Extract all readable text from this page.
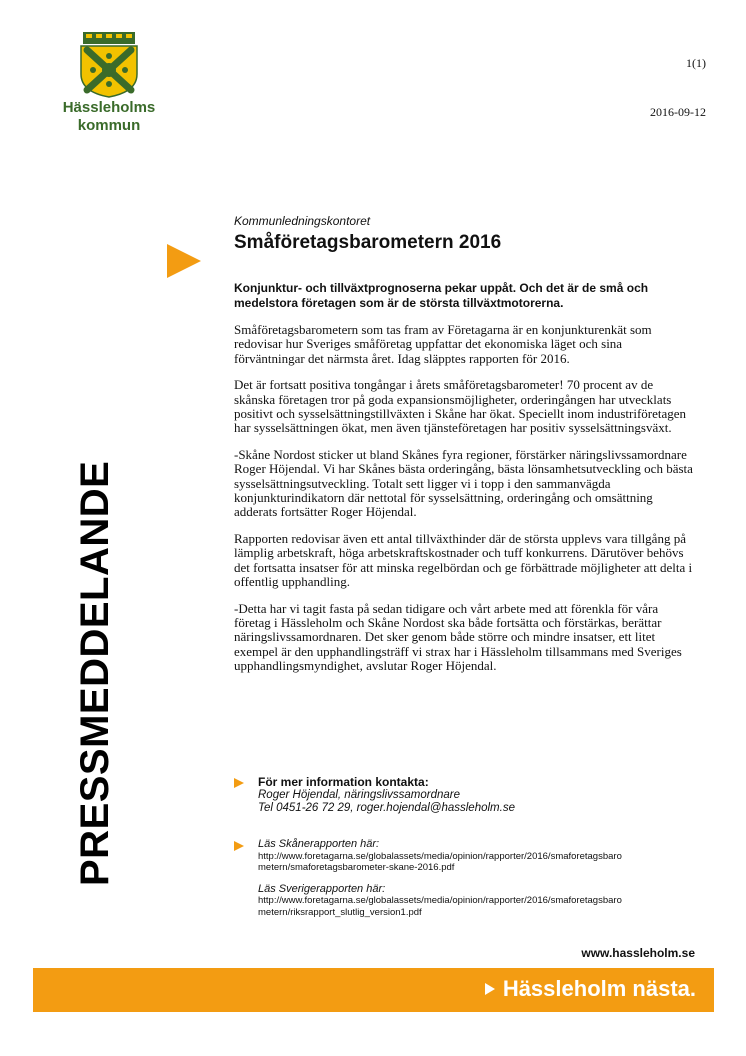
Hässleholms
kommun
1(1)
2016-09-12
PRESSMEDDELANDE
Kommunledningskontoret
Småföretagsbarometern 2016
Konjunktur- och tillväxtprognoserna pekar uppåt. Och det är de små och medelstora företagen som är de största tillväxtmotorerna.

Småföretagsbarometern som tas fram av Företagarna är en konjunkturenkät som redovisar hur Sveriges småföretag uppfattar det ekonomiska läget och sina förväntningar det närmsta året. Idag släpptes rapporten för 2016.

Det är fortsatt positiva tongångar i årets småföretagsbarometer! 70 procent av de skånska företagen tror på goda expansionsmöjligheter, orderingången har utvecklats positivt och sysselsättningstillväxten i Skåne har ökat. Speciellt inom industriföretagen har sysselsättningen ökat, men även tjänsteföretagen har positiv sysselsättningsväxt.

-Skåne Nordost sticker ut bland Skånes fyra regioner, förstärker näringslivssamordnare Roger Höjendal. Vi har Skånes bästa orderingång, bästa lönsamhetsutveckling och bästa sysselsättningsutveckling. Totalt sett ligger vi i topp i den sammanvägda konjunkturindikatorn där nettotal för sysselsättning, orderingång och omsättning adderats fortsätter Roger Höjendal.

Rapporten redovisar även ett antal tillväxthinder där de största upplevs vara tillgång på lämplig arbetskraft, höga arbetskraftskostnader och tuff konkurrens. Därutöver behövs det fortsatta insatser för att minska regelbördan och ge förbättrade möjligheter att delta i offentlig upphandling.

-Detta har vi tagit fasta på sedan tidigare och vårt arbete med att förenkla för våra företag i Hässleholm och Skåne Nordost ska både fortsätta och förstärkas, berättar näringslivssamordnaren. Det sker genom både större och mindre insatser, ett litet exempel är den upphandlingsträff vi strax har i Hässleholm tillsammans med Sveriges upphandlingsmyndighet, avslutar Roger Höjendal.

För mer information kontakta:
Roger Höjendal, näringslivssamordnare
Tel 0451-26 72 29, roger.hojendal@hassleholm.se
Läs Skånerapporten här:
http://www.foretagarna.se/globalassets/media/opinion/rapporter/2016/smaforetagsbaro
metern/smaforetagsbarometer-skane-2016.pdf
Läs Sverigerapporten här:
http://www.foretagarna.se/globalassets/media/opinion/rapporter/2016/smaforetagsbaro
metern/riksrapport_slutlig_version1.pdf
www.hassleholm.se
Hässleholm nästa.
